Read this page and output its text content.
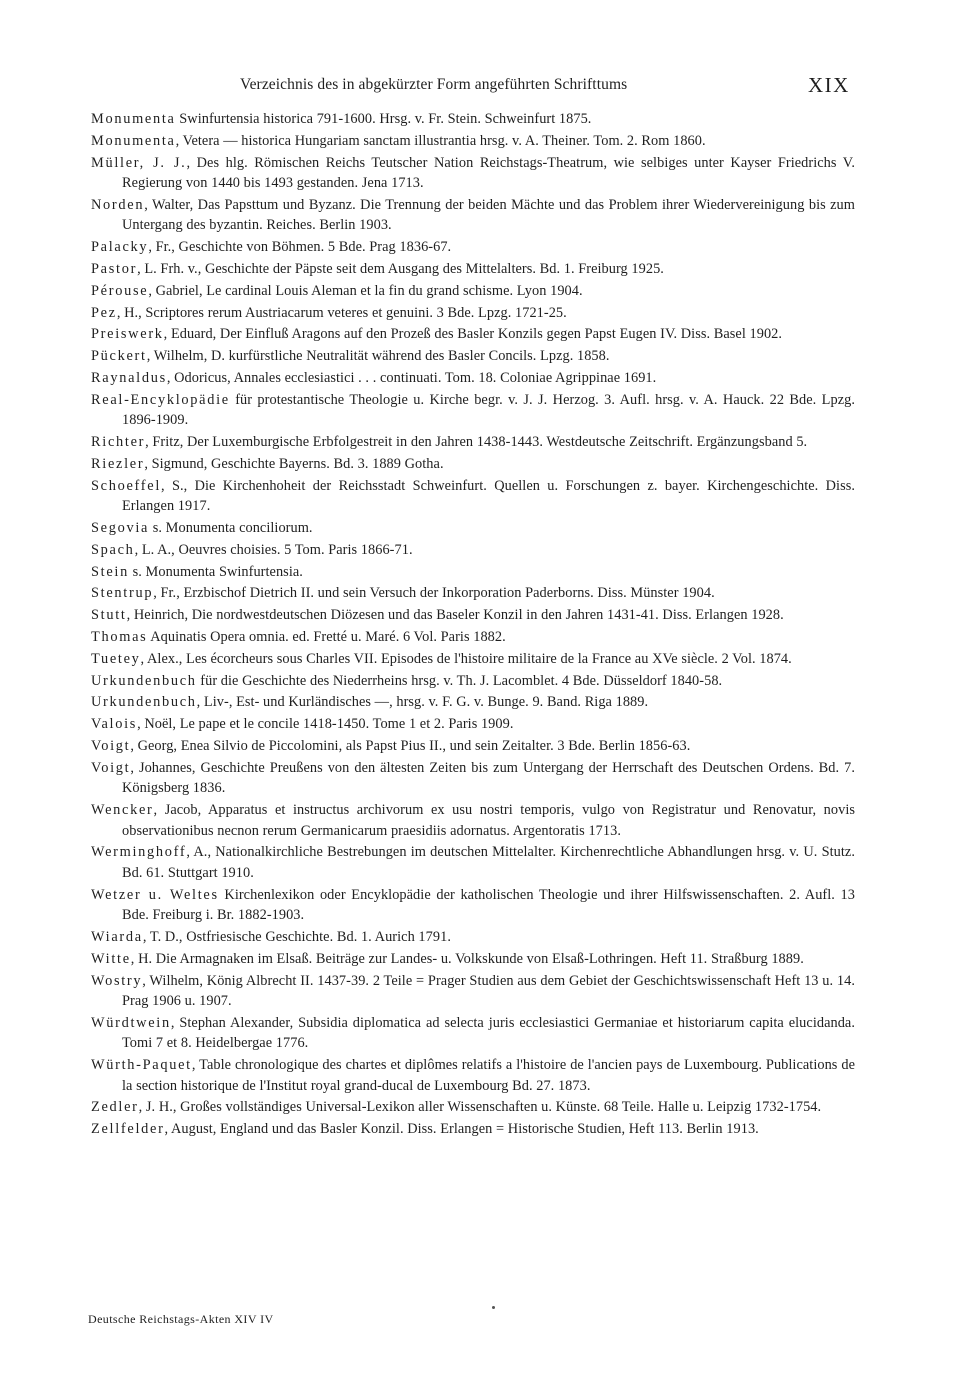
Verzeichnis des in abgekürzter Form angeführten Schrifttums	XIX

Monumenta Swinfurtensia historica 791-1600. Hrsg. v. Fr. Stein. Schweinfurt 1875.

Monumenta, Vetera — historica Hungariam sanctam illustrantia hrsg. v. A. Theiner. Tom. 2. Rom 1860.

Müller, J. J., Des hlg. Römischen Reichs Teutscher Nation Reichstags-Theatrum, wie selbiges unter Kayser Friedrichs V. Regierung von 1440 bis 1493 gestanden. Jena 1713.

Norden, Walter, Das Papsttum und Byzanz. Die Trennung der beiden Mächte und das Problem ihrer Wiedervereinigung bis zum Untergang des byzantin. Reiches. Berlin 1903.

Palacky, Fr., Geschichte von Böhmen. 5 Bde. Prag 1836-67.

Pastor, L. Frh. v., Geschichte der Päpste seit dem Ausgang des Mittelalters. Bd. 1. Freiburg 1925.

Pérouse, Gabriel, Le cardinal Louis Aleman et la fin du grand schisme. Lyon 1904.

Pez, H., Scriptores rerum Austriacarum veteres et genuini. 3 Bde. Lpzg. 1721-25.

Preiswerk, Eduard, Der Einfluß Aragons auf den Prozeß des Basler Konzils gegen Papst Eugen IV. Diss. Basel 1902.

Pückert, Wilhelm, D. kurfürstliche Neutralität während des Basler Concils. Lpzg. 1858.

Raynaldus, Odoricus, Annales ecclesiastici . . . continuati. Tom. 18. Coloniae Agrippinae 1691.

Real-Encyklopädie für protestantische Theologie u. Kirche begr. v. J. J. Herzog. 3. Aufl. hrsg. v. A. Hauck. 22 Bde. Lpzg. 1896-1909.

Richter, Fritz, Der Luxemburgische Erbfolgestreit in den Jahren 1438-1443. Westdeutsche Zeitschrift. Ergänzungsband 5.

Riezler, Sigmund, Geschichte Bayerns. Bd. 3. 1889 Gotha.

Schoeffel, S., Die Kirchenhoheit der Reichsstadt Schweinfurt. Quellen u. Forschungen z. bayer. Kirchengeschichte. Diss. Erlangen 1917.

Segovia s. Monumenta conciliorum.

Spach, L. A., Oeuvres choisies. 5 Tom. Paris 1866-71.

Stein s. Monumenta Swinfurtensia.

Stentrup, Fr., Erzbischof Dietrich II. und sein Versuch der Inkorporation Paderborns. Diss. Münster 1904.

Stutt, Heinrich, Die nordwestdeutschen Diözesen und das Baseler Konzil in den Jahren 1431-41. Diss. Erlangen 1928.

Thomas Aquinatis Opera omnia. ed. Fretté u. Maré. 6 Vol. Paris 1882.

Tuetey, Alex., Les écorcheurs sous Charles VII. Episodes de l'histoire militaire de la France au XVe siècle. 2 Vol. 1874.

Urkundenbuch für die Geschichte des Niederrheins hrsg. v. Th. J. Lacomblet. 4 Bde. Düsseldorf 1840-58.

Urkundenbuch, Liv-, Est- und Kurländisches —, hrsg. v. F. G. v. Bunge. 9. Band. Riga 1889.

Valois, Noël, Le pape et le concile 1418-1450. Tome 1 et 2. Paris 1909.

Voigt, Georg, Enea Silvio de Piccolomini, als Papst Pius II., und sein Zeitalter. 3 Bde. Berlin 1856-63.

Voigt, Johannes, Geschichte Preußens von den ältesten Zeiten bis zum Untergang der Herrschaft des Deutschen Ordens. Bd. 7. Königsberg 1836.

Wencker, Jacob, Apparatus et instructus archivorum ex usu nostri temporis, vulgo von Registratur und Renovatur, novis observationibus necnon rerum Germanicarum praesidiis adornatus. Argentoratis 1713.

Werminghoff, A., Nationalkirchliche Bestrebungen im deutschen Mittelalter. Kirchenrechtliche Abhandlungen hrsg. v. U. Stutz. Bd. 61. Stuttgart 1910.

Wetzer u. Weltes Kirchenlexikon oder Encyklopädie der katholischen Theologie und ihrer Hilfswissenschaften. 2. Aufl. 13 Bde. Freiburg i. Br. 1882-1903.

Wiarda, T. D., Ostfriesische Geschichte. Bd. 1. Aurich 1791.

Witte, H. Die Armagnaken im Elsaß. Beiträge zur Landes- u. Volkskunde von Elsaß-Lothringen. Heft 11. Straßburg 1889.

Wostry, Wilhelm, König Albrecht II. 1437-39. 2 Teile = Prager Studien aus dem Gebiet der Geschichtswissenschaft Heft 13 u. 14. Prag 1906 u. 1907.

Würdtwein, Stephan Alexander, Subsidia diplomatica ad selecta juris ecclesiastici Germaniae et historiarum capita elucidanda. Tomi 7 et 8. Heidelbergae 1776.

Würth-Paquet, Table chronologique des chartes et diplômes relatifs a l'histoire de l'ancien pays de Luxembourg. Publications de la section historique de l'Institut royal grand-ducal de Luxembourg Bd. 27. 1873.

Zedler, J. H., Großes vollständiges Universal-Lexikon aller Wissenschaften u. Künste. 68 Teile. Halle u. Leipzig 1732-1754.

Zellfelder, August, England und das Basler Konzil. Diss. Erlangen = Historische Studien, Heft 113. Berlin 1913.

Deutsche Reichstags-Akten XIV IV
